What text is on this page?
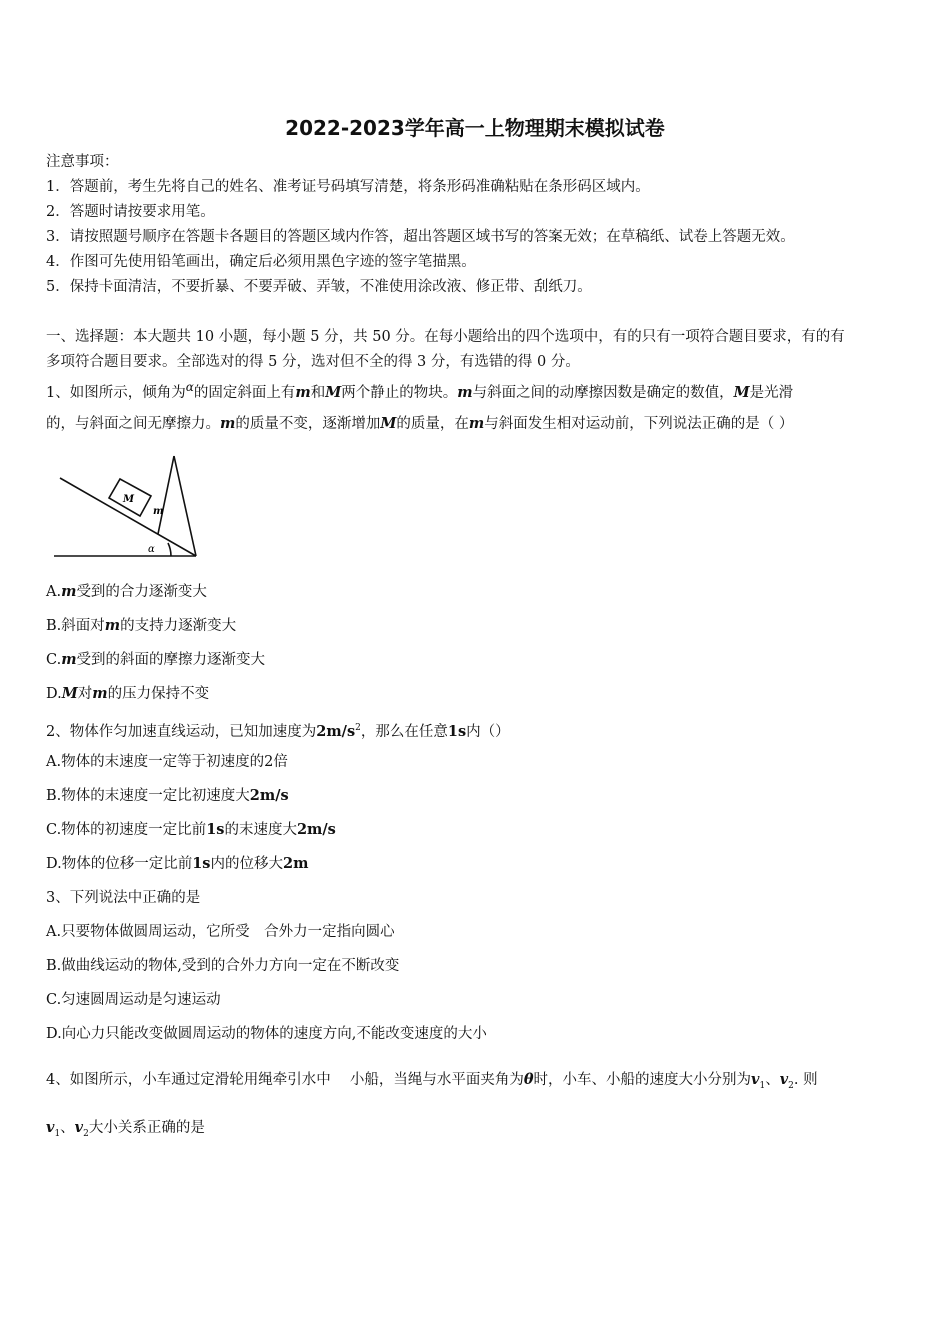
2022-2023学年高一上物理期末模拟试卷
注意事项：
1．答题前，考生先将自己的姓名、准考证号码填写清楚，将条形码准确粘贴在条形码区域内。
2．答题时请按要求用笔。
3．请按照题号顺序在答题卡各题目的答题区域内作答，超出答题区域书写的答案无效；在草稿纸、试卷上答题无效。
4．作图可先使用铅笔画出，确定后必须用黑色字迹的签字笔描黑。
5．保持卡面清洁，不要折暴、不要弄破、弄皱，不准使用涂改液、修正带、刮纸刀。
一、选择题：本大题共 10 小题，每小题 5 分，共 50 分。在每小题给出的四个选项中，有的只有一项符合题目要求，有的有
多项符合题目要求。全部选对的得 5 分，选对但不全的得 3 分，有选错的得 0 分。
1、如图所示，倾角为$^\alpha$的固定斜面上有m和M两个静止的物块。m与斜面之间的动摩擦因数是确定的数值，M是光滑
的，与斜面之间无摩擦力。m的质量不变，逐渐增加M的质量，在m与斜面发生相对运动前，下列说法正确的是（ ）
M
m
α
A.m受到的合力逐渐变大
B.斜面对m的支持力逐渐变大
C.m受到的斜面的摩擦力逐渐变大
D.M对m的压力保持不变
2、物体作匀加速直线运动，已知加速度为$2m/s^2$，那么在任意1s内（）
A.物体的末速度一定等于初速度的2倍
B.物体的末速度一定比初速度大2m/s
C.物体的初速度一定比前1s的末速度大2m/s
D.物体的位移一定比前1s内的位移大2m
3、下列说法中正确的是
A.只要物体做圆周运动，它所受　合外力一定指向圆心
B.做曲线运动的物体,受到的合外力方向一定在不断改变
C.匀速圆周运动是匀速运动
D.向心力只能改变做圆周运动的物体的速度方向,不能改变速度的大小
4、如图所示，小车通过定滑轮用绳牵引水中　 小船，当绳与水平面夹角为θ时，小车、小船的速度大小分别为$v_1$、$v_2$. 则
$v_1$、$v_2$大小关系正确的是
